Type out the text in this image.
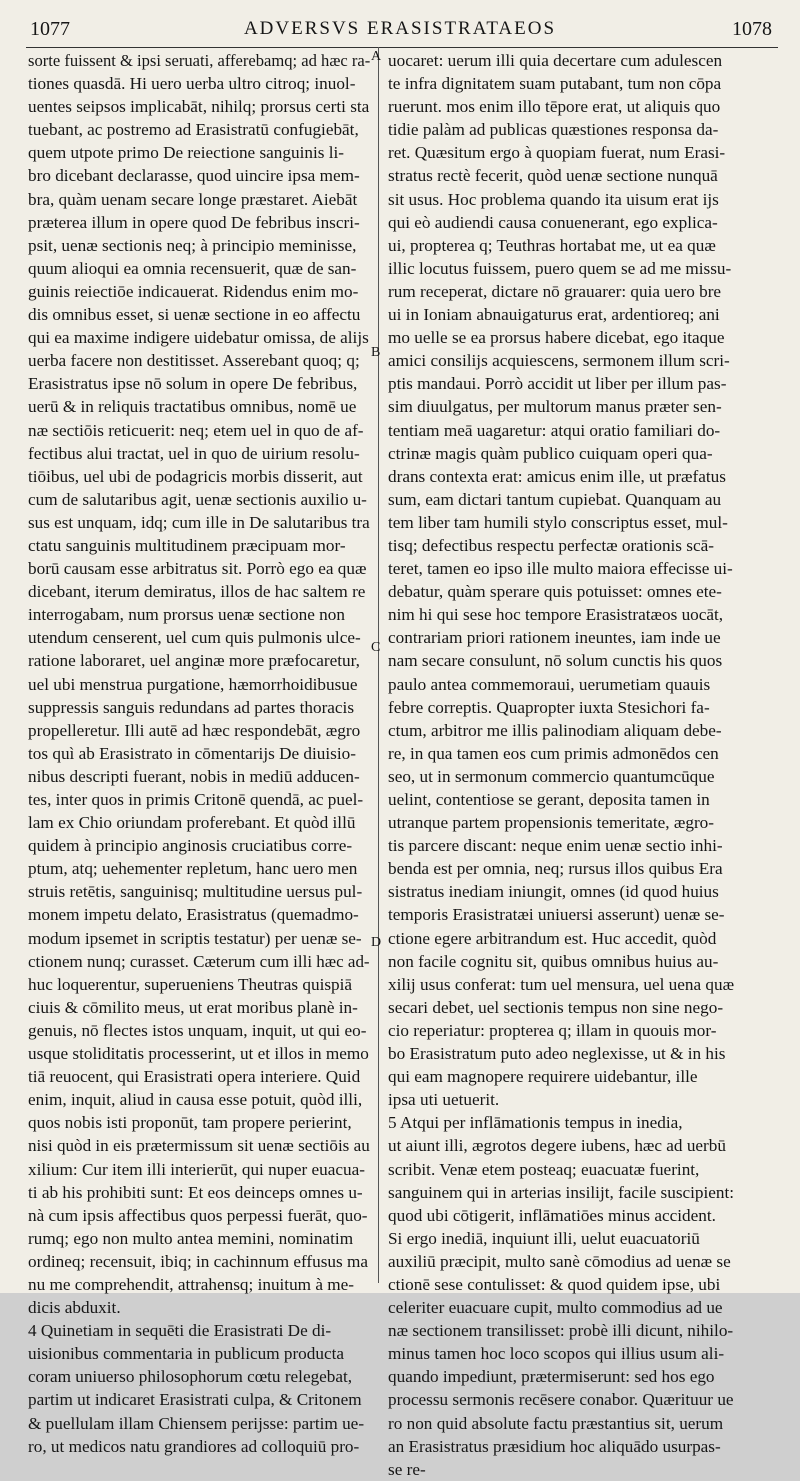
1077	ADVERSVS ERASISTRATAEOS	1078
A
B
C
D
sorte fuissent & ipsi seruati, afferebamq; ad hæc ra-
tiones quasdā. Hi uero uerba ultro citroq; inuol-
uentes seipsos implicabāt, nihilq; prorsus certi sta
tuebant, ac postremo ad Erasistratū confugiebāt,
quem utpote primo De reiectione sanguinis li-
bro dicebant declarasse, quod uincire ipsa mem-
bra, quàm uenam secare longe præstaret. Aiebāt
præterea illum in opere quod De febribus inscri-
psit, uenæ sectionis neq; à principio meminisse,
quum alioqui ea omnia recensuerit, quæ de san-
guinis reiectiōe indicauerat. Ridendus enim mo-
dis omnibus esset, si uenæ sectione in eo affectu
qui ea maxime indigere uidebatur omissa, de alijs
uerba facere non destitisset. Asserebant quoq; q;
Erasistratus ipse nō solum in opere De febribus,
uerū & in reliquis tractatibus omnibus, nomē ue
næ sectiōis reticuerit: neq; etem uel in quo de af-
fectibus alui tractat, uel in quo de uirium resolu-
tiōibus, uel ubi de podagricis morbis disserit, aut
cum de salutaribus agit, uenæ sectionis auxilio u-
sus est unquam, idq; cum ille in De salutaribus tra
ctatu sanguinis multitudinem præcipuam mor-
borū causam esse arbitratus sit. Porrò ego ea quæ
dicebant, iterum demiratus, illos de hac saltem re
interrogabam, num prorsus uenæ sectione non
utendum censerent, uel cum quis pulmonis ulce-
ratione laboraret, uel anginæ more præfocaretur,
uel ubi menstrua purgatione, hæmorrhoidibusue
suppressis sanguis redundans ad partes thoracis
propelleretur. Illi autē ad hæc respondebāt, ægro
tos quì ab Erasistrato in cōmentarijs De diuisio-
nibus descripti fuerant, nobis in mediū adducen-
tes, inter quos in primis Critonē quendā, ac puel-
lam ex Chio oriundam proferebant. Et quòd illū
quidem à principio anginosis cruciatibus corre-
ptum, atq; uehementer repletum, hanc uero men
struis retētis, sanguinisq; multitudine uersus pul-
monem impetu delato, Erasistratus (quemadmo-
modum ipsemet in scriptis testatur) per uenæ se-
ctionem nunq; curasset. Cæterum cum illi hæc ad-
huc loquerentur, superueniens Theutras quispiā
ciuis & cōmilito meus, ut erat moribus planè in-
genuis, nō flectes istos unquam, inquit, ut qui eo-
usque stoliditatis processerint, ut et illos in memo
tiā reuocent, qui Erasistrati opera interiere. Quid
enim, inquit, aliud in causa esse potuit, quòd illi,
quos nobis isti proponūt, tam propere perierint,
nisi quòd in eis prætermissum sit uenæ sectiōis au
xilium: Cur item illi interierūt, qui nuper euacua-
ti ab his prohibiti sunt: Et eos deinceps omnes u-
nà cum ipsis affectibus quos perpessi fuerāt, quo-
rumq; ego non multo antea memini, nominatim
ordineq; recensuit, ibiq; in cachinnum effusus ma
nu me comprehendit, attrahensq; inuitum à me-
dicis abduxit.
4 Quinetiam in sequēti die Erasistrati De di-
uisionibus commentaria in publicum producta
coram uniuerso philosophorum cœtu relegebat,
partim ut indicaret Erasistrati culpa, & Critonem
& puellulam illam Chiensem perijsse: partim ue-
ro, ut medicos natu grandiores ad colloquiū pro-
uocaret: uerum illi quia decertare cum adulescen
te infra dignitatem suam putabant, tum non cōpa
ruerunt. mos enim illo tēpore erat, ut aliquis quo
tidie palàm ad publicas quæstiones responsa da-
ret. Quæsitum ergo à quopiam fuerat, num Erasi-
stratus rectè fecerit, quòd uenæ sectione nunquā
sit usus. Hoc problema quando ita uisum erat ijs
qui eò audiendi causa conuenerant, ego explica-
ui, propterea q; Teuthras hortabat me, ut ea quæ
illic locutus fuissem, puero quem se ad me missu-
rum receperat, dictare nō grauarer: quia uero bre
ui in Ioniam abnauigaturus erat, ardentioreq; ani
mo uelle se ea prorsus habere dicebat, ego itaque
amici consilijs acquiescens, sermonem illum scri-
ptis mandaui. Porrò accidit ut liber per illum pas-
sim diuulgatus, per multorum manus præter sen-
tentiam meā uagaretur: atqui oratio familiari do-
ctrinæ magis quàm publico cuiquam operi qua-
drans contexta erat: amicus enim ille, ut præfatus
sum, eam dictari tantum cupiebat. Quanquam au
tem liber tam humili stylo conscriptus esset, mul-
tisq; defectibus respectu perfectæ orationis scā-
teret, tamen eo ipso ille multo maiora effecisse ui-
debatur, quàm sperare quis potuisset: omnes ete-
nim hi qui sese hoc tempore Erasistratæos uocāt,
contrariam priori rationem ineuntes, iam inde ue
nam secare consulunt, nō solum cunctis his quos
paulo antea commemoraui, uerumetiam quauis
febre correptis. Quapropter iuxta Stesichori fa-
ctum, arbitror me illis palinodiam aliquam debe-
re, in qua tamen eos cum primis admonēdos cen
seo, ut in sermonum commercio quantumcūque
uelint, contentiose se gerant, deposita tamen in
utranque partem propensionis temeritate, ægro-
tis parcere discant: neque enim uenæ sectio inhi-
benda est per omnia, neq; rursus illos quibus Era
sistratus inediam iniungit, omnes (id quod huius
temporis Erasistratæi uniuersi asserunt) uenæ se-
ctione egere arbitrandum est. Huc accedit, quòd
non facile cognitu sit, quibus omnibus huius au-
xilij usus conferat: tum uel mensura, uel uena quæ
secari debet, uel sectionis tempus non sine nego-
cio reperiatur: propterea q; illam in quouis mor-
bo Erasistratum puto adeo neglexisse, ut & in his
qui eam magnopere requirere uidebantur, ille
ipsa uti uetuerit.
5 Atqui per inflāmationis tempus in inedia,
ut aiunt illi, ægrotos degere iubens, hæc ad uerbū
scribit. Venæ etem posteaq; euacuatæ fuerint,
sanguinem qui in arterias insilijt, facile suscipient:
quod ubi cōtigerit, inflāmatiōes minus accident.
Si ergo inediā, inquiunt illi, uelut euacuatoriū
auxiliū præcipit, multo sanè cōmodius ad uenæ se
ctionē sese contulisset: & quod quidem ipse, ubi
celeriter euacuare cupit, multo commodius ad ue
næ sectionem transilisset: probè illi dicunt, nihilo-
minus tamen hoc loco scopos qui illius usum ali-
quando impediunt, prætermiserunt: sed hos ego
processu sermonis recēsere conabor. Quærituur ue
ro non quid absolute factu præstantius sit, uerum
an Erasistratus præsidium hoc aliquādo usurpas-
se re-
